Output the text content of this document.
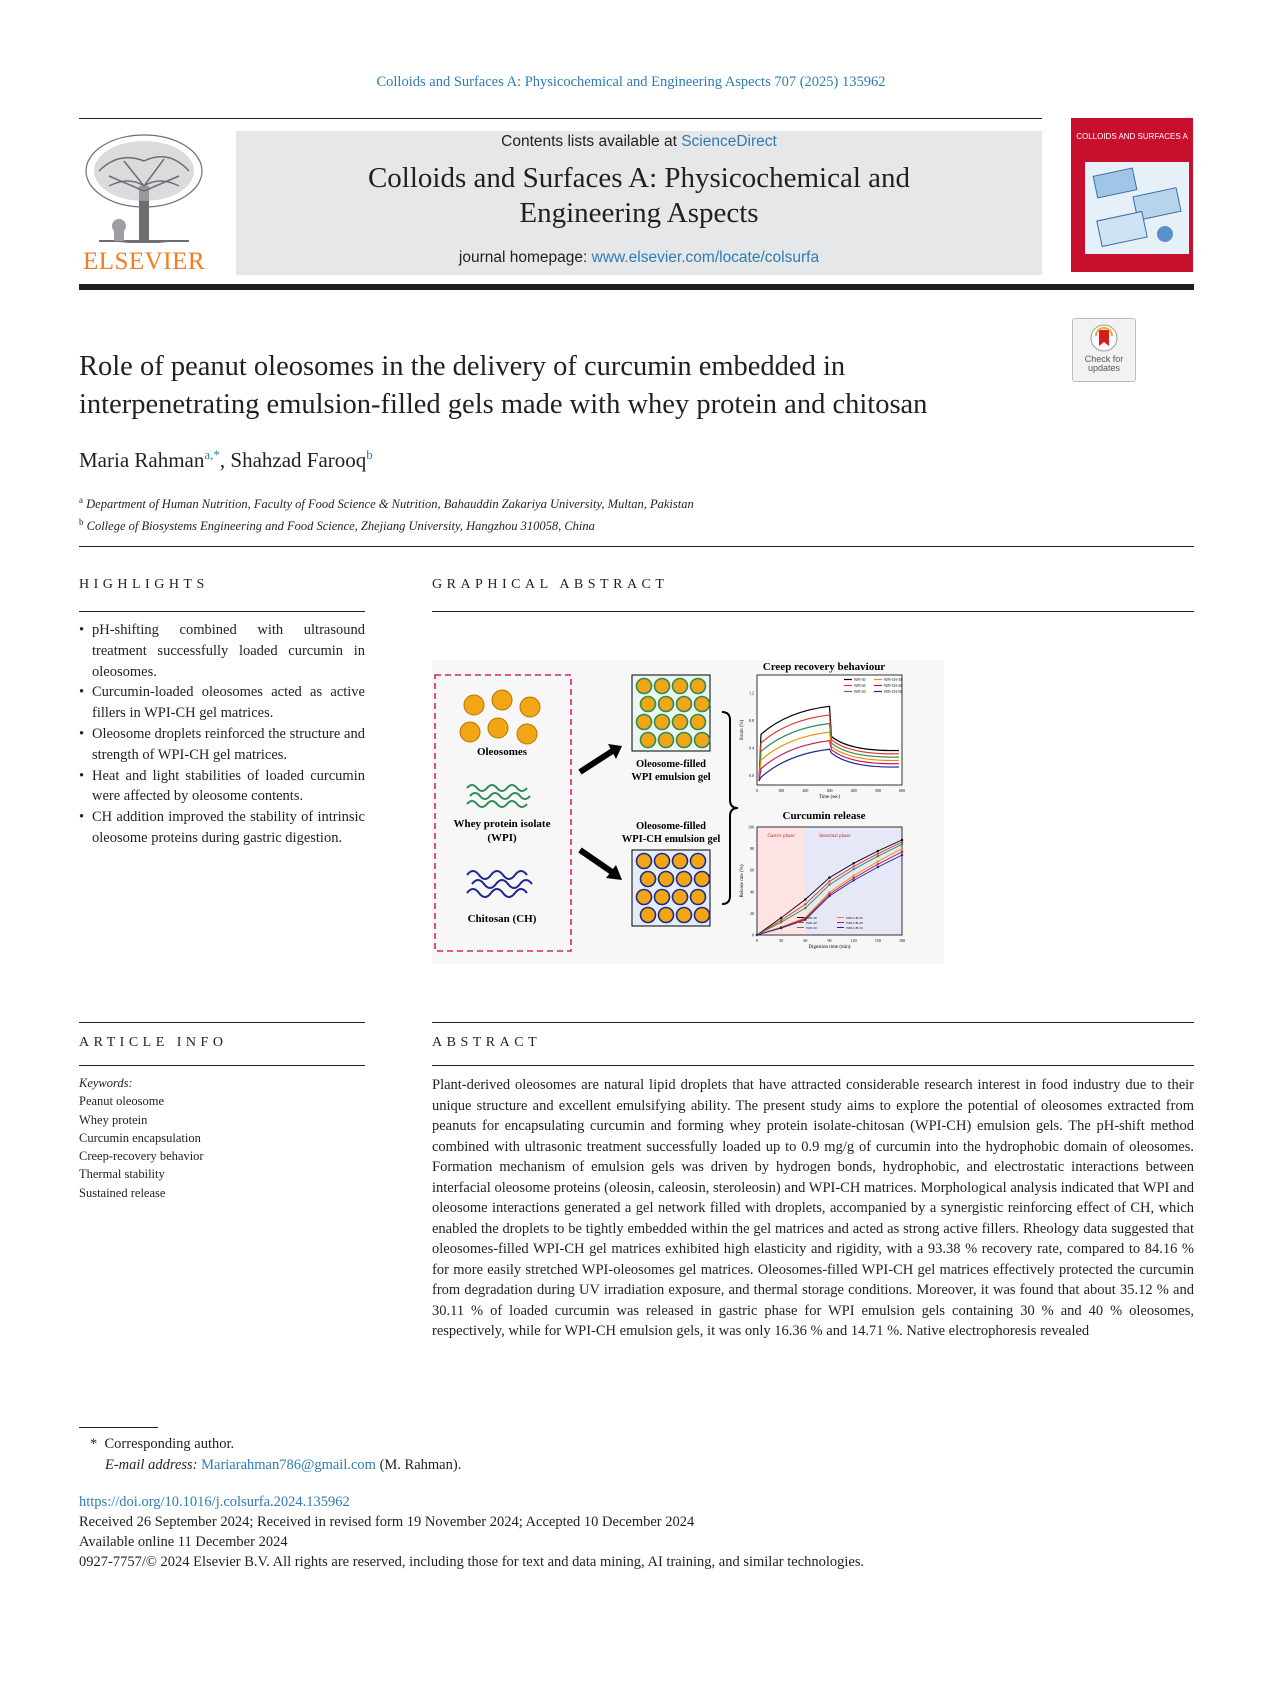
Colloids and Surfaces A: Physicochemical and Engineering Aspects 707 (2025) 135962
ELSEVIER
Contents lists available at ScienceDirect
Colloids and Surfaces A: Physicochemical and
Engineering Aspects
journal homepage: www.elsevier.com/locate/colsurfa
COLLOIDS AND SURFACES A
Check for updates
Role of peanut oleosomes in the delivery of curcumin embedded in
interpenetrating emulsion-filled gels made with whey protein and chitosan
Maria Rahman$^{a,*}$, Shahzad Farooq$^b$
$^a$ Department of Human Nutrition, Faculty of Food Science & Nutrition, Bahauddin Zakariya University, Multan, Pakistan
$^b$ College of Biosystems Engineering and Food Science, Zhejiang University, Hangzhou 310058, China
HIGHLIGHTS
• pH-shifting combined with ultrasound treatment successfully loaded curcumin in oleosomes.
• Curcumin-loaded oleosomes acted as active fillers in WPI-CH gel matrices.
• Oleosome droplets reinforced the structure and strength of WPI-CH gel matrices.
• Heat and light stabilities of loaded curcumin were affected by oleosome contents.
• CH addition improved the stability of intrinsic oleosome proteins during gastric digestion.
GRAPHICAL ABSTRACT
Oleosomes
Whey protein isolate
(WPI)
Chitosan (CH)
Oleosome-filled
WPI emulsion gel
Oleosome-filled
WPI-CH emulsion gel
Creep recovery behaviour
0	100	200	300	400	500	600
0.0
0.4
0.8
1.2
Strain (%)
Time (sec)
WPI-30
WPI-40
WPI-50
WPI-CH-30
WPI-CH-40
WPI-CH-50
Curcumin release
Gastric phase	Intestinal phase
0	30	60	90	120	150	180
0
20
40
60
80
100
Release rate (%)
Digestion time (min)
WPI-30
WPI-40
WPI-50
WPI-CH-30
WPI-CH-40
WPI-CH-50
ARTICLE INFO
Keywords:
Peanut oleosome
Whey protein
Curcumin encapsulation
Creep-recovery behavior
Thermal stability
Sustained release
ABSTRACT
Plant-derived oleosomes are natural lipid droplets that have attracted considerable research interest in food industry due to their unique structure and excellent emulsifying ability. The present study aims to explore the potential of oleosomes extracted from peanuts for encapsulating curcumin and forming whey protein isolate-chitosan (WPI-CH) emulsion gels. The pH-shift method combined with ultrasonic treatment successfully loaded up to 0.9 mg/g of curcumin into the hydrophobic domain of oleosomes. Formation mechanism of emulsion gels was driven by hydrogen bonds, hydrophobic, and electrostatic interactions between interfacial oleosome proteins (oleosin, caleosin, steroleosin) and WPI-CH matrices. Morphological analysis indicated that WPI and oleosome interactions generated a gel network filled with droplets, accompanied by a synergistic reinforcing effect of CH, which enabled the droplets to be tightly embedded within the gel matrices and acted as strong active fillers. Rheology data suggested that oleosomes-filled WPI-CH gel matrices exhibited high elasticity and rigidity, with a 93.38 % recovery rate, compared to 84.16 % for more easily stretched WPI-oleosomes gel matrices. Oleosomes-filled WPI-CH gel matrices effectively protected the curcumin from degradation during UV irradiation exposure, and thermal storage conditions. Moreover, it was found that about 35.12 % and 30.11 % of loaded curcumin was released in gastric phase for WPI emulsion gels containing 30 % and 40 % oleosomes, respectively, while for WPI-CH emulsion gels, it was only 16.36 % and 14.71 %. Native electrophoresis revealed
*  Corresponding author.
E-mail address: Mariarahman786@gmail.com (M. Rahman).
https://doi.org/10.1016/j.colsurfa.2024.135962
Received 26 September 2024; Received in revised form 19 November 2024; Accepted 10 December 2024
Available online 11 December 2024
0927-7757/© 2024 Elsevier B.V. All rights are reserved, including those for text and data mining, AI training, and similar technologies.
